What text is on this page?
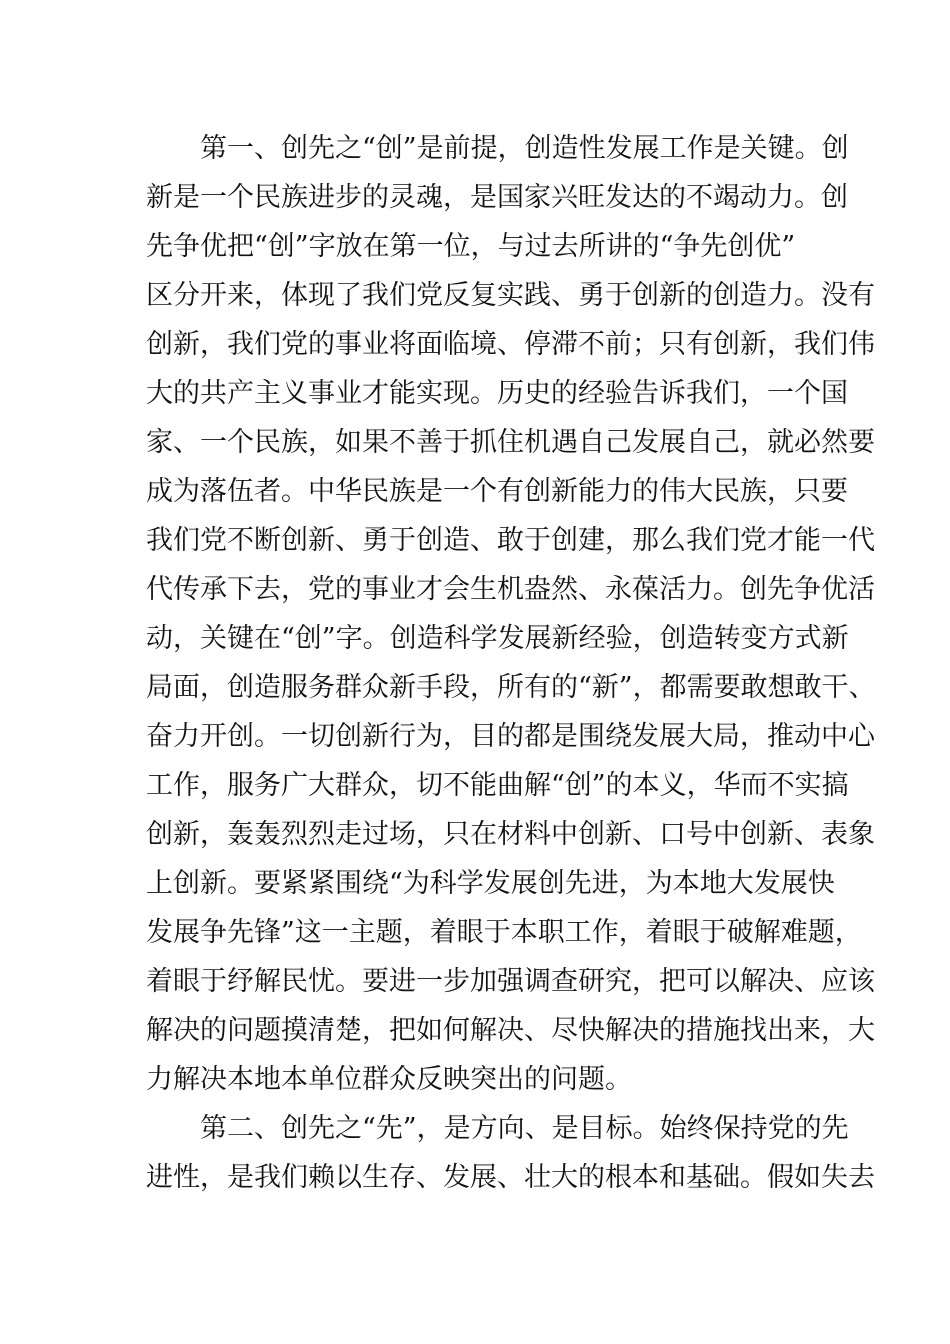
第一、创先之“创”是前提，创造性发展工作是关键。创
新是一个民族进步的灵魂，是国家兴旺发达的不竭动力。创
先争优把“创”字放在第一位，与过去所讲的“争先创优”
区分开来，体现了我们党反复实践、勇于创新的创造力。没有
创新，我们党的事业将面临境、停滞不前；只有创新，我们伟
大的共产主义事业才能实现。历史的经验告诉我们，一个国
家、一个民族，如果不善于抓住机遇自己发展自己，就必然要
成为落伍者。中华民族是一个有创新能力的伟大民族，只要
我们党不断创新、勇于创造、敢于创建，那么我们党才能一代
代传承下去，党的事业才会生机盎然、永葆活力。创先争优活
动，关键在“创”字。创造科学发展新经验，创造转变方式新
局面，创造服务群众新手段，所有的“新”，都需要敢想敢干、
奋力开创。一切创新行为，目的都是围绕发展大局，推动中心
工作，服务广大群众，切不能曲解“创”的本义，华而不实搞
创新，轰轰烈烈走过场，只在材料中创新、口号中创新、表象
上创新。要紧紧围绕“为科学发展创先进，为本地大发展快
发展争先锋”这一主题，着眼于本职工作，着眼于破解难题，
着眼于纾解民忧。要进一步加强调查研究，把可以解决、应该
解决的问题摸清楚，把如何解决、尽快解决的措施找出来，大
力解决本地本单位群众反映突出的问题。
第二、创先之“先”，是方向、是目标。始终保持党的先
进性，是我们赖以生存、发展、壮大的根本和基础。假如失去
